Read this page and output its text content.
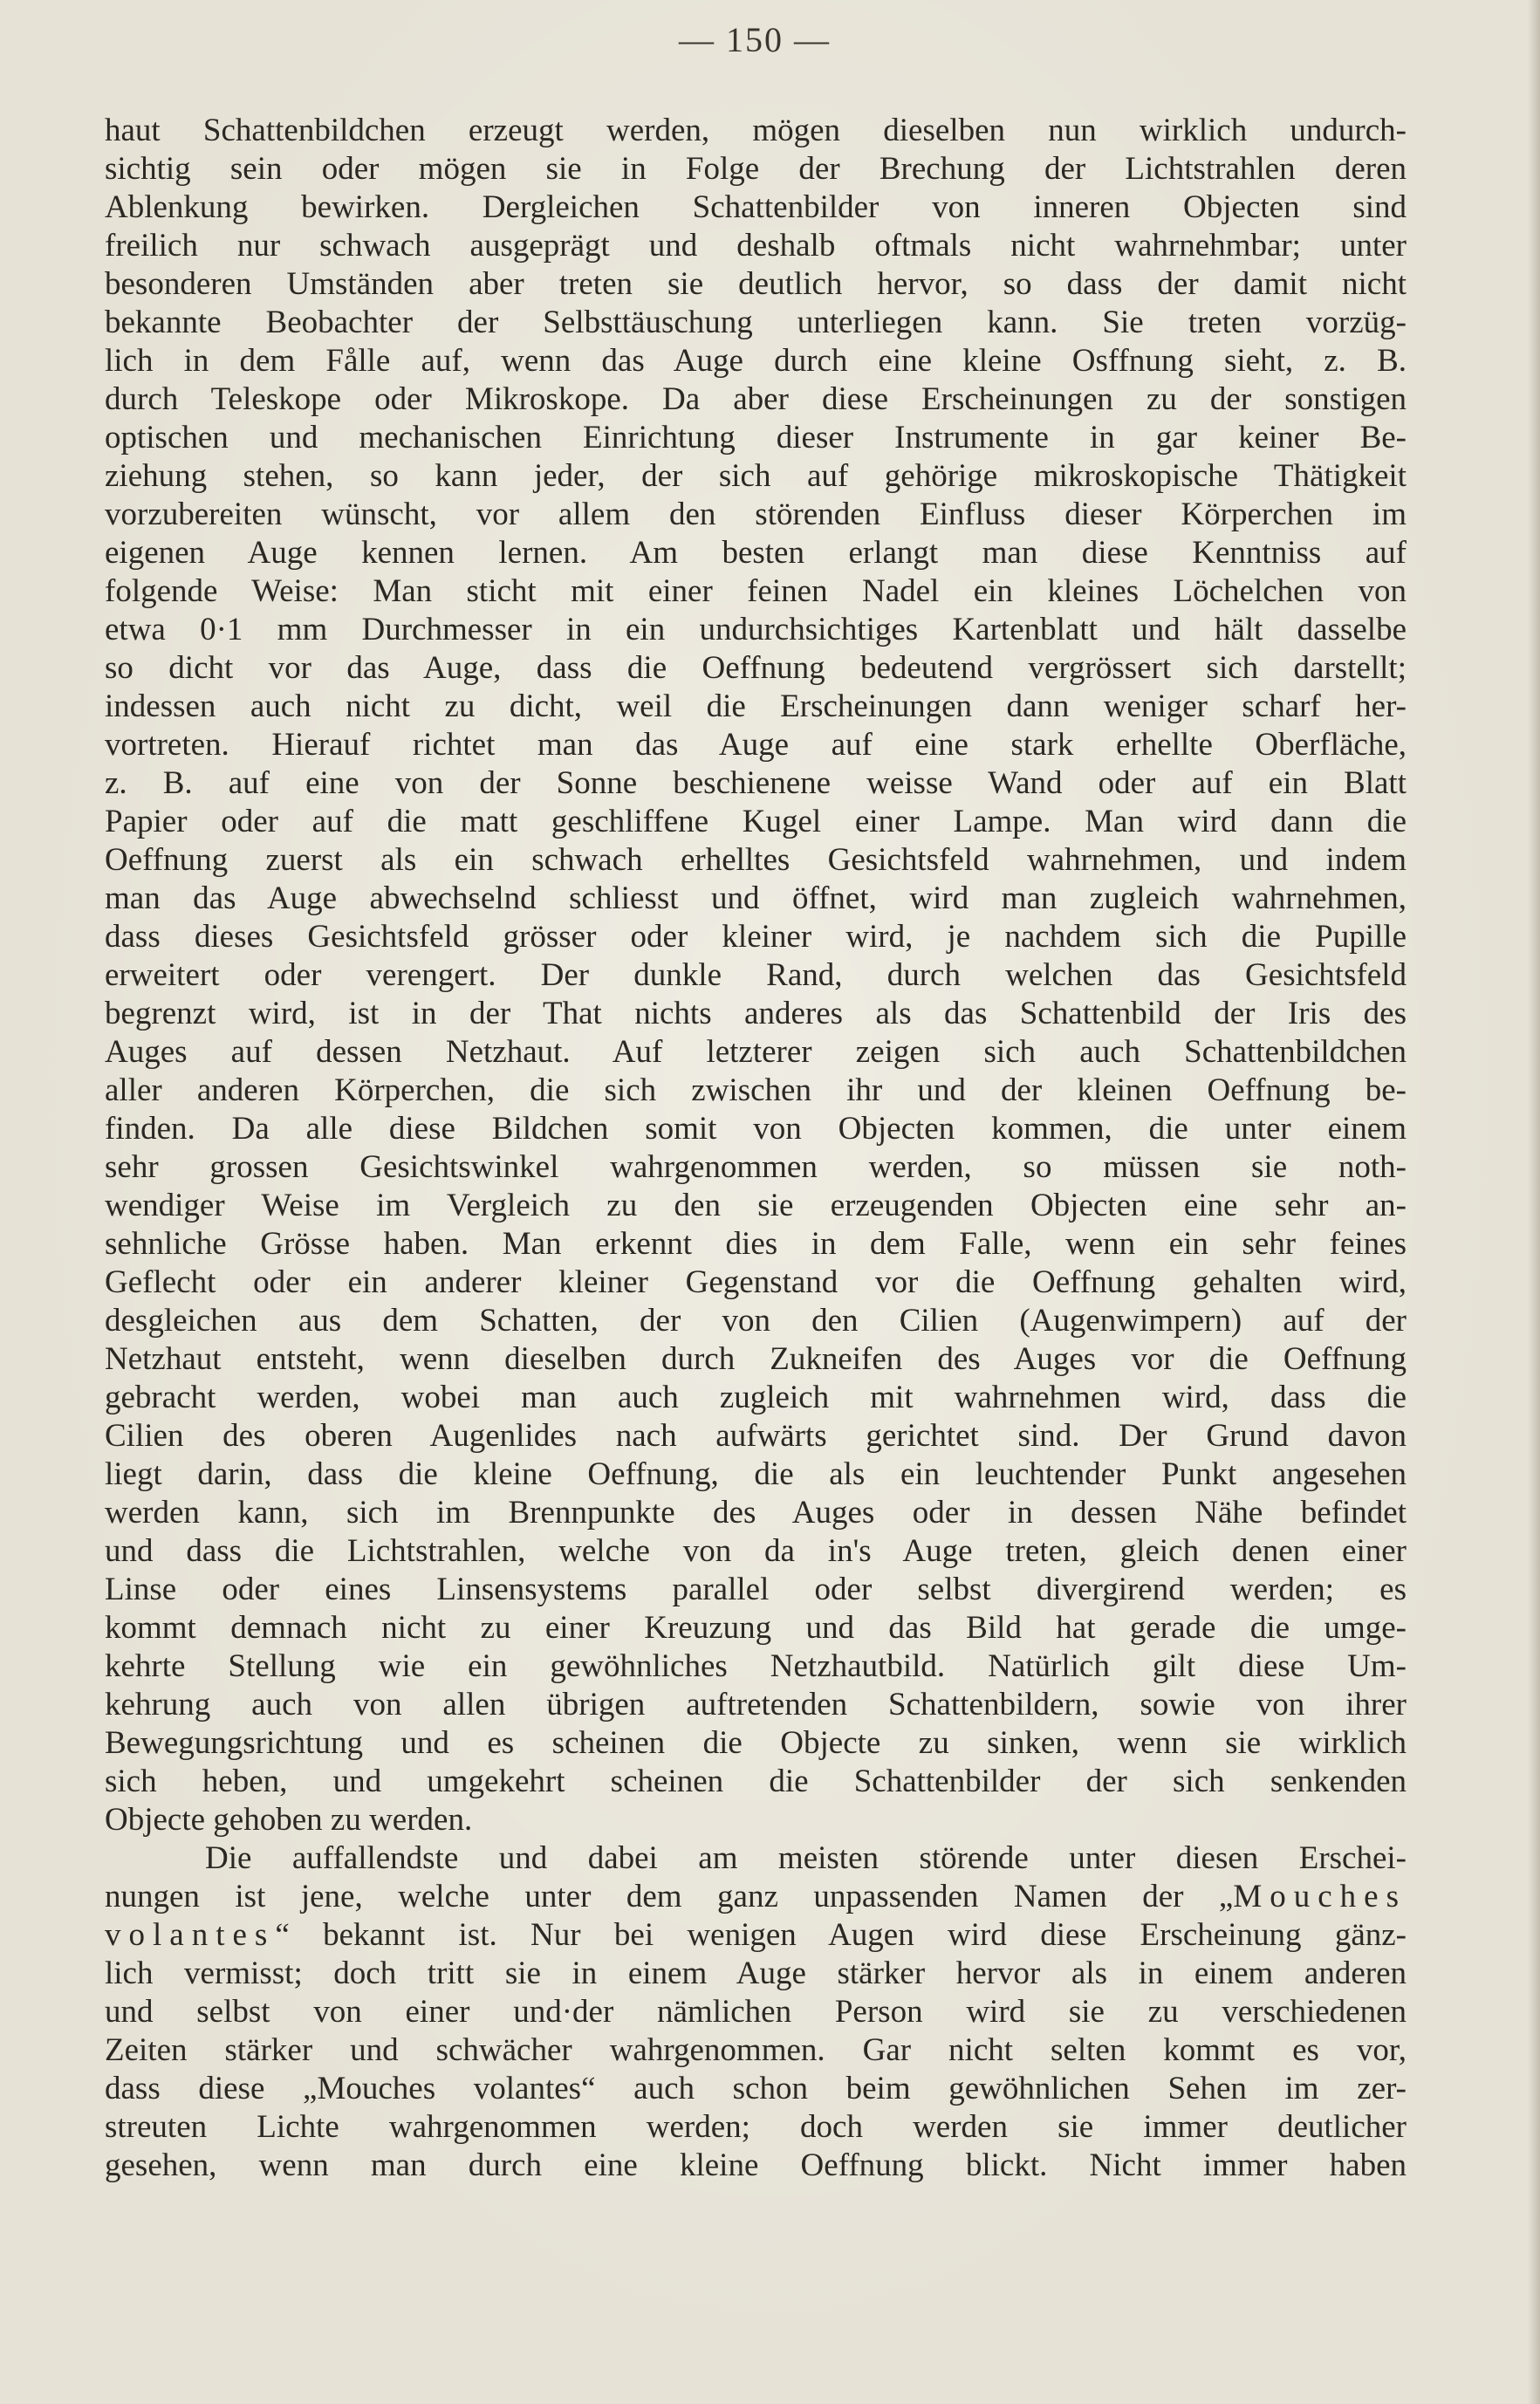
— 150 —
haut Schattenbildchen erzeugt werden, mögen dieselben nun wirklich undurch-
sichtig sein oder mögen sie in Folge der Brechung der Lichtstrahlen deren
Ablenkung bewirken. Dergleichen Schattenbilder von inneren Objecten sind
freilich nur schwach ausgeprägt und deshalb oftmals nicht wahrnehmbar; unter
besonderen Umständen aber treten sie deutlich hervor, so dass der damit nicht
bekannte Beobachter der Selbsttäuschung unterliegen kann. Sie treten vorzüg-
lich in dem Fålle auf, wenn das Auge durch eine kleine Osffnung sieht, z. B.
durch Teleskope oder Mikroskope. Da aber diese Erscheinungen zu der sonstigen
optischen und mechanischen Einrichtung dieser Instrumente in gar keiner Be-
ziehung stehen, so kann jeder, der sich auf gehörige mikroskopische Thätigkeit
vorzubereiten wünscht, vor allem den störenden Einfluss dieser Körperchen im
eigenen Auge kennen lernen. Am besten erlangt man diese Kenntniss auf
folgende Weise: Man sticht mit einer feinen Nadel ein kleines Löchelchen von
etwa 0·1 mm Durchmesser in ein undurchsichtiges Kartenblatt und hält dasselbe
so dicht vor das Auge, dass die Oeffnung bedeutend vergrössert sich darstellt;
indessen auch nicht zu dicht, weil die Erscheinungen dann weniger scharf her-
vortreten. Hierauf richtet man das Auge auf eine stark erhellte Oberfläche,
z. B. auf eine von der Sonne beschienene weisse Wand oder auf ein Blatt
Papier oder auf die matt geschliffene Kugel einer Lampe. Man wird dann die
Oeffnung zuerst als ein schwach erhelltes Gesichtsfeld wahrnehmen, und indem
man das Auge abwechselnd schliesst und öffnet, wird man zugleich wahrnehmen,
dass dieses Gesichtsfeld grösser oder kleiner wird, je nachdem sich die Pupille
erweitert oder verengert. Der dunkle Rand, durch welchen das Gesichtsfeld
begrenzt wird, ist in der That nichts anderes als das Schattenbild der Iris des
Auges auf dessen Netzhaut. Auf letzterer zeigen sich auch Schattenbildchen
aller anderen Körperchen, die sich zwischen ihr und der kleinen Oeffnung be-
finden. Da alle diese Bildchen somit von Objecten kommen, die unter einem
sehr grossen Gesichtswinkel wahrgenommen werden, so müssen sie noth-
wendiger Weise im Vergleich zu den sie erzeugenden Objecten eine sehr an-
sehnliche Grösse haben. Man erkennt dies in dem Falle, wenn ein sehr feines
Geflecht oder ein anderer kleiner Gegenstand vor die Oeffnung gehalten wird,
desgleichen aus dem Schatten, der von den Cilien (Augenwimpern) auf der
Netzhaut entsteht, wenn dieselben durch Zukneifen des Auges vor die Oeffnung
gebracht werden, wobei man auch zugleich mit wahrnehmen wird, dass die
Cilien des oberen Augenlides nach aufwärts gerichtet sind. Der Grund davon
liegt darin, dass die kleine Oeffnung, die als ein leuchtender Punkt angesehen
werden kann, sich im Brennpunkte des Auges oder in dessen Nähe befindet
und dass die Lichtstrahlen, welche von da in's Auge treten, gleich denen einer
Linse oder eines Linsensystems parallel oder selbst divergirend werden; es
kommt demnach nicht zu einer Kreuzung und das Bild hat gerade die umge-
kehrte Stellung wie ein gewöhnliches Netzhautbild. Natürlich gilt diese Um-
kehrung auch von allen übrigen auftretenden Schattenbildern, sowie von ihrer
Bewegungsrichtung und es scheinen die Objecte zu sinken, wenn sie wirklich
sich heben, und umgekehrt scheinen die Schattenbilder der sich senkenden
Objecte gehoben zu werden.
Die auffallendste und dabei am meisten störende unter diesen Erschei-
nungen ist jene, welche unter dem ganz unpassenden Namen der „Mouches
volantes“ bekannt ist. Nur bei wenigen Augen wird diese Erscheinung gänz-
lich vermisst; doch tritt sie in einem Auge stärker hervor als in einem anderen
und selbst von einer und·der nämlichen Person wird sie zu verschiedenen
Zeiten stärker und schwächer wahrgenommen. Gar nicht selten kommt es vor,
dass diese „Mouches volantes“ auch schon beim gewöhnlichen Sehen im zer-
streuten Lichte wahrgenommen werden; doch werden sie immer deutlicher
gesehen, wenn man durch eine kleine Oeffnung blickt. Nicht immer haben
